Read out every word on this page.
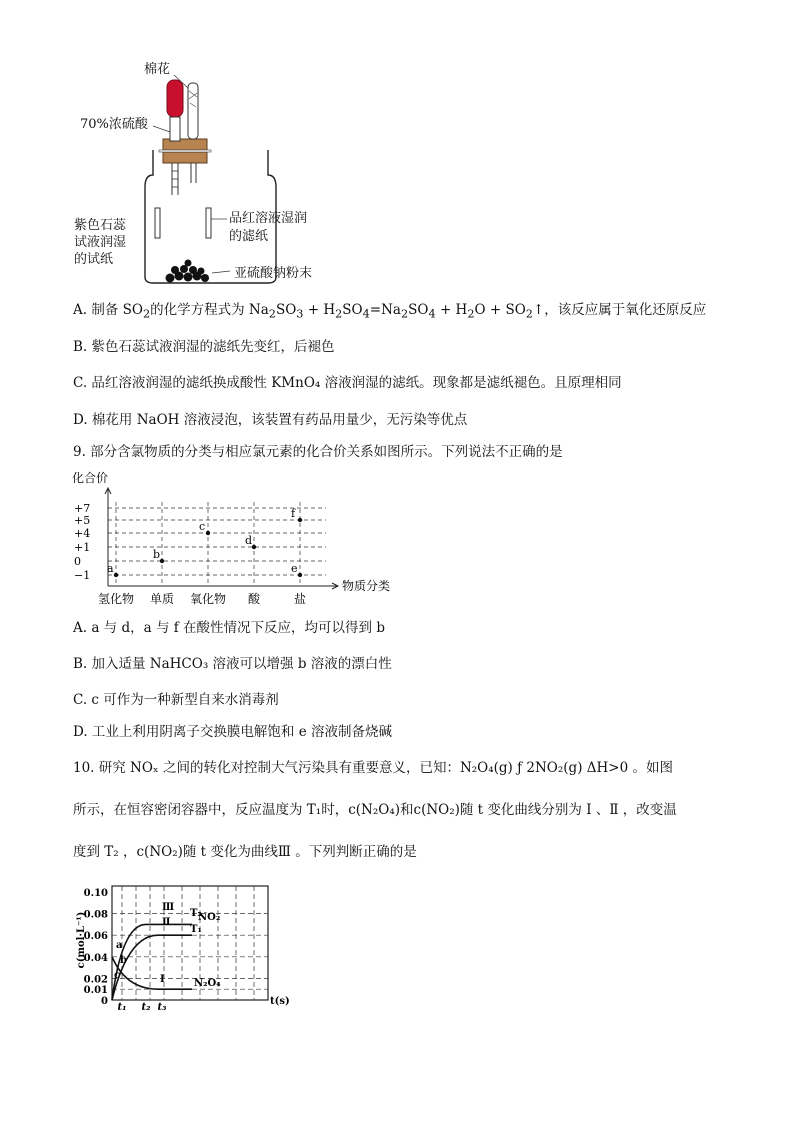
棉花
70%浓硫酸
紫色石蕊
试液润湿
的试纸
品红溶液湿润
的滤纸
亚硫酸钠粉末
A. 制备 $SO_2$的化学方程式为 $Na_2SO_3 + H_2SO_4=Na_2SO_4 + H_2O$ + $SO_2↑$，该反应属于氧化还原反应
B. 紫色石蕊试液润湿的滤纸先变红，后褪色
C. 品红溶液润湿的滤纸换成酸性 KMnO₄ 溶液润湿的滤纸。现象都是滤纸褪色。且原理相同
D. 棉花用 NaOH 溶液浸泡，该装置有药品用量少，无污染等优点
9. 部分含氯物质的分类与相应氯元素的化合价关系如图所示。下列说法不正确的是
化合价
物质分类
+7
+5
+4
+1
0
−1
氢化物 单质 氧化物 酸	盐
a
b
c
d
e
f
A. a 与 d，a 与 f 在酸性情况下反应，均可以得到 b
B. 加入适量 NaHCO₃ 溶液可以增强 b 溶液的漂白性
C. c 可作为一种新型自来水消毒剂
D. 工业上利用阴离子交换膜电解饱和 e 溶液制备烧碱
10. 研究 NOₓ 之间的转化对控制大气污染具有重要意义，已知：N₂O₄(g) ƒ 2NO₂(g) ΔH>0 。如图
所示，在恒容密闭容器中，反应温度为 T₁时，c(N₂O₄)和c(NO₂)随 t 变化曲线分别为 Ⅰ 、Ⅱ ，改变温
度到 T₂ ，c(NO₂)随 t 变化为曲线Ⅲ 。下列判断正确的是
0.10
0.08
0.06
0.04
0.02
0.01
0
c(mol·L⁻¹)
t(s)
t₁ t₂ t₃
a
b
c
Ⅲ
Ⅱ
Ⅰ
T₂
T₁
NO₂
N₂O₄
